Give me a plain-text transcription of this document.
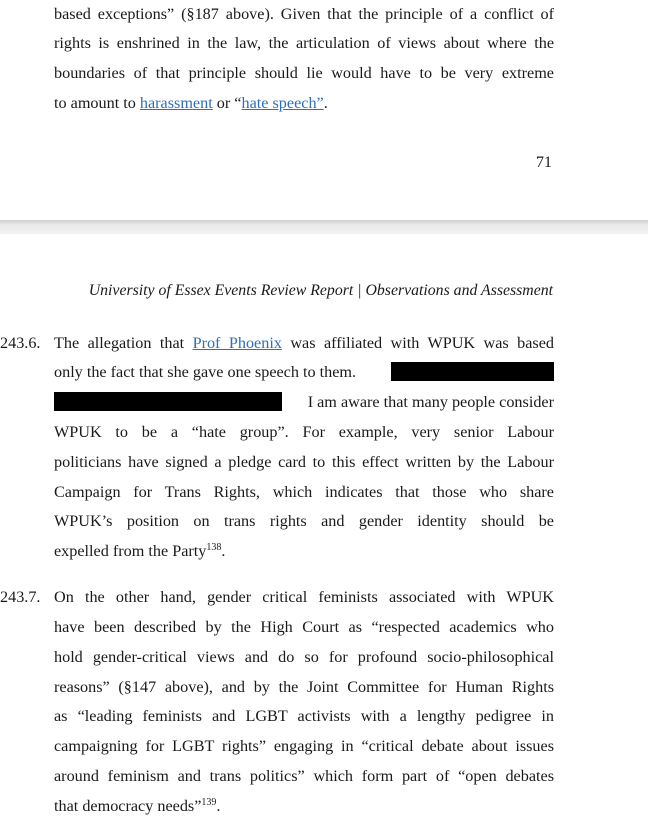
based exceptions” (§187 above). Given that the principle of a conflict of
rights is enshrined in the law, the articulation of views about where the
boundaries of that principle should lie would have to be very extreme
to amount to harassment or “hate speech”.
71
University of Essex Events Review Report | Observations and Assessment
243.6. The allegation that Prof Phoenix was affiliated with WPUK was based
only the fact that she gave one speech to them.
I am aware that many people consider
WPUK to be a “hate group”. For example, very senior Labour
politicians have signed a pledge card to this effect written by the Labour
Campaign for Trans Rights, which indicates that those who share
WPUK’s position on trans rights and gender identity should be
expelled from the Party$^{138}$.
243.7. On the other hand, gender critical feminists associated with WPUK
have been described by the High Court as “respected academics who
hold gender-critical views and do so for profound socio-philosophical
reasons” (§147 above), and by the Joint Committee for Human Rights
as “leading feminists and LGBT activists with a lengthy pedigree in
campaigning for LGBT rights” engaging in “critical debate about issues
around feminism and trans politics” which form part of “open debates
that democracy needs”$^{139}$.
